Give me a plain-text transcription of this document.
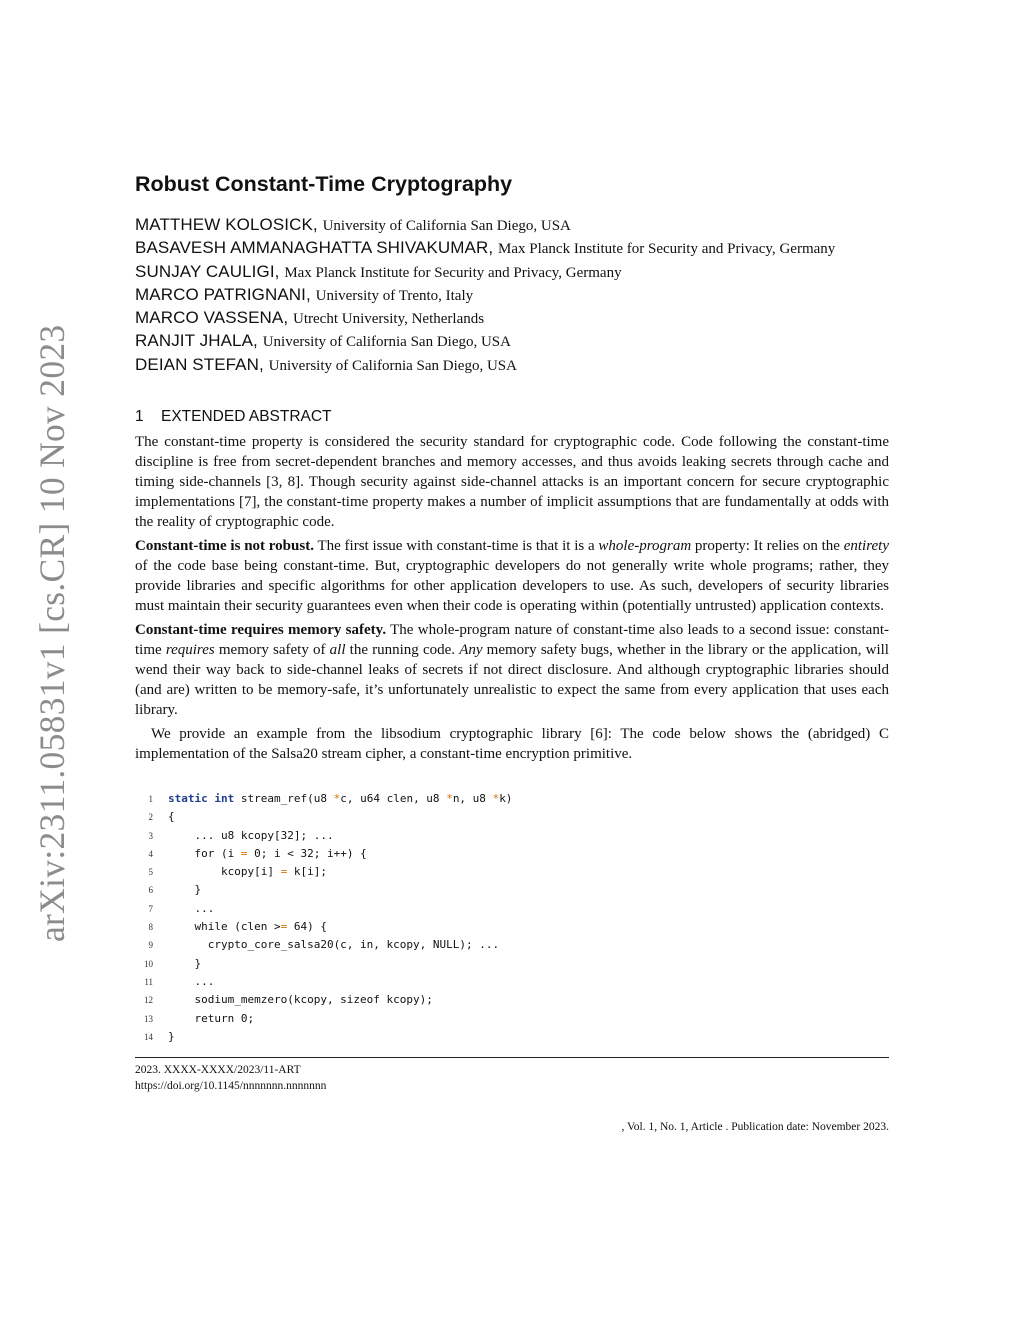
arXiv:2311.05831v1 [cs.CR] 10 Nov 2023
Robust Constant-Time Cryptography
MATTHEW KOLOSICK, University of California San Diego, USA
BASAVESH AMMANAGHATTA SHIVAKUMAR, Max Planck Institute for Security and Privacy, Germany
SUNJAY CAULIGI, Max Planck Institute for Security and Privacy, Germany
MARCO PATRIGNANI, University of Trento, Italy
MARCO VASSENA, Utrecht University, Netherlands
RANJIT JHALA, University of California San Diego, USA
DEIAN STEFAN, University of California San Diego, USA
1 EXTENDED ABSTRACT

The constant-time property is considered the security standard for cryptographic code. Code following the constant-time discipline is free from secret-dependent branches and memory accesses, and thus avoids leaking secrets through cache and timing side-channels [3, 8]. Though security against side-channel attacks is an important concern for secure cryptographic implementations [7], the constant-time property makes a number of implicit assumptions that are fundamentally at odds with the reality of cryptographic code.

Constant-time is not robust. The first issue with constant-time is that it is a whole-program property: It relies on the entirety of the code base being constant-time. But, cryptographic developers do not generally write whole programs; rather, they provide libraries and specific algorithms for other application developers to use. As such, developers of security libraries must maintain their security guarantees even when their code is operating within (potentially untrusted) application contexts.

Constant-time requires memory safety. The whole-program nature of constant-time also leads to a second issue: constant-time requires memory safety of all the running code. Any memory safety bugs, whether in the library or the application, will wend their way back to side-channel leaks of secrets if not direct disclosure. And although cryptographic libraries should (and are) written to be memory-safe, it’s unfortunately unrealistic to expect the same from every application that uses each library.

We provide an example from the libsodium cryptographic library [6]: The code below shows the (abridged) C implementation of the Salsa20 stream cipher, a constant-time encryption primitive.

1 static int stream_ref(u8 *c, u64 clen, u8 *n, u8 *k)
2 {
3 ... u8 kcopy[32]; ...
4 for (i = 0; i < 32; i++) {
5 kcopy[i] = k[i];
6 }
7 ...
8 while (clen >= 64) {
9 crypto_core_salsa20(c, in, kcopy, NULL); ...
10 }
11 ...
12 sodium_memzero(kcopy, sizeof kcopy);
13 return 0;
14 }
2023. XXXX-XXXX/2023/11-ART
https://doi.org/10.1145/nnnnnnn.nnnnnnn
, Vol. 1, No. 1, Article . Publication date: November 2023.
